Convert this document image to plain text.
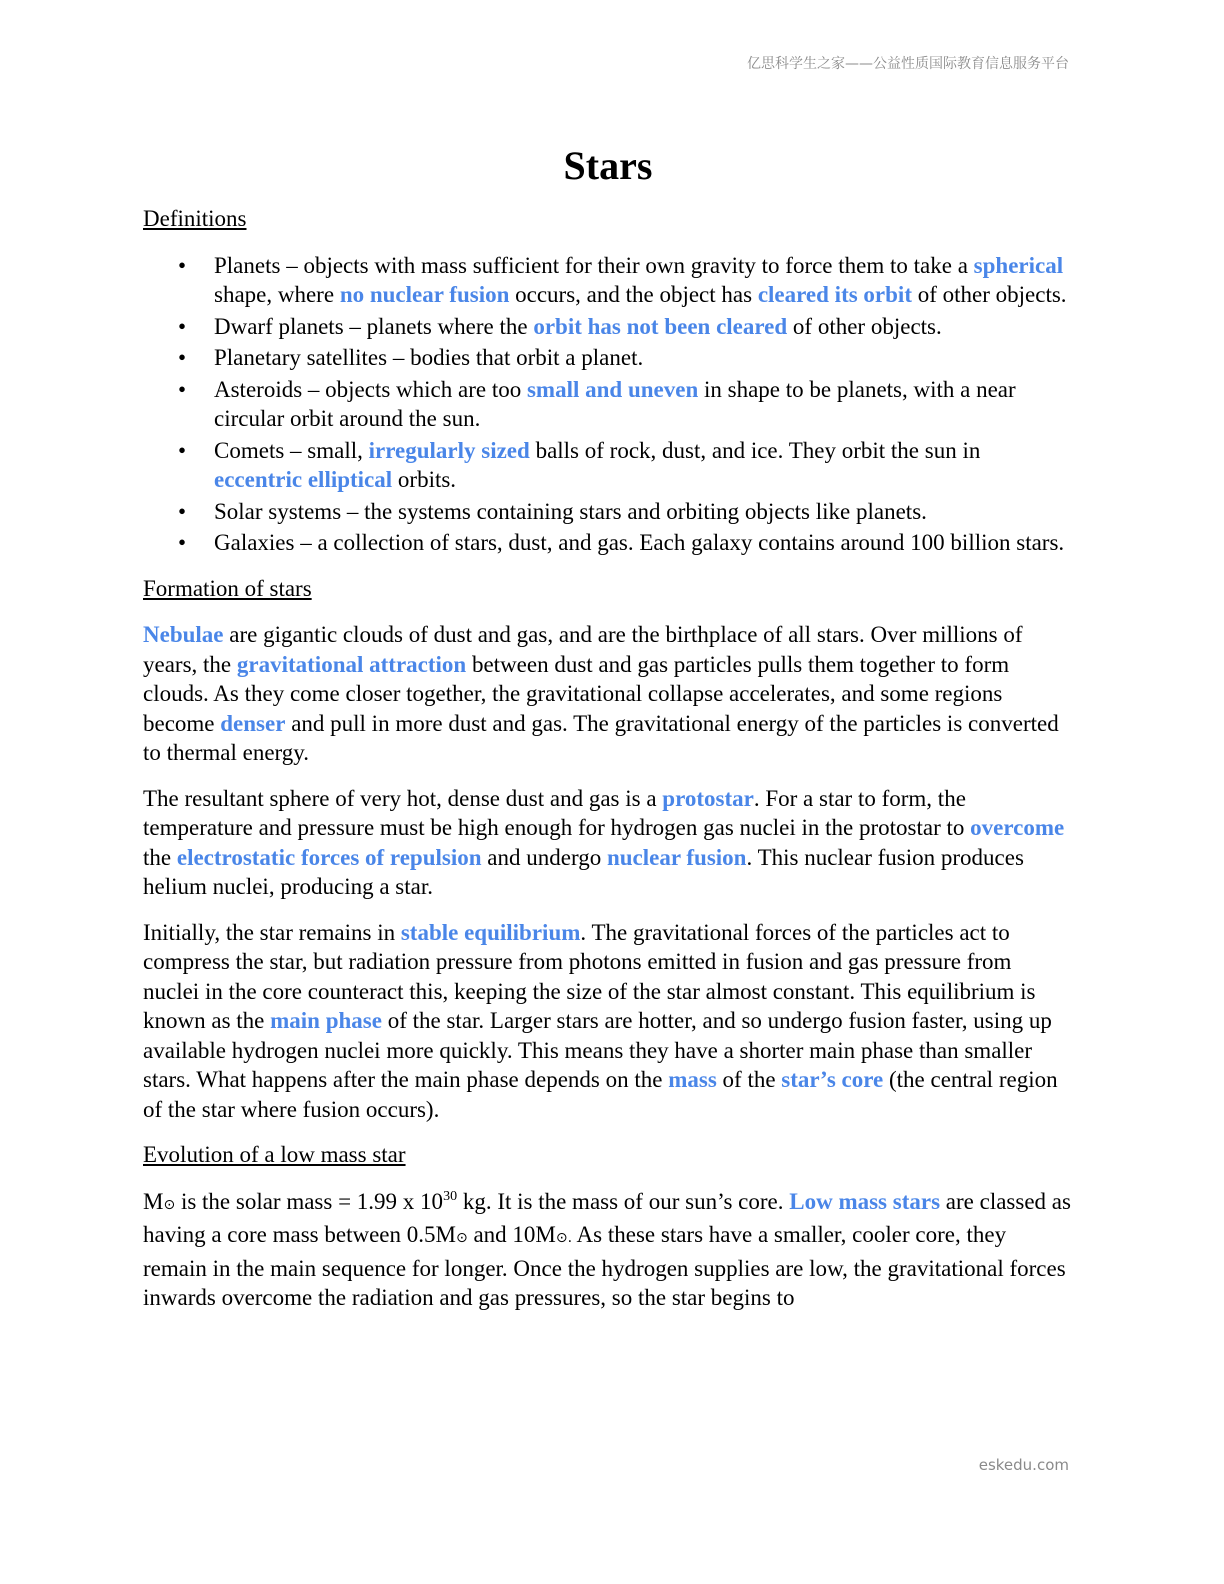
亿思科学生之家——公益性质国际教育信息服务平台
Stars
Definitions
• Planets – objects with mass sufficient for their own gravity to force them to take a spherical shape, where no nuclear fusion occurs, and the object has cleared its orbit of other objects.
• Dwarf planets – planets where the orbit has not been cleared of other objects.
• Planetary satellites – bodies that orbit a planet.
• Asteroids – objects which are too small and uneven in shape to be planets, with a near circular orbit around the sun.
• Comets – small, irregularly sized balls of rock, dust, and ice. They orbit the sun in eccentric elliptical orbits.
• Solar systems – the systems containing stars and orbiting objects like planets.
• Galaxies – a collection of stars, dust, and gas. Each galaxy contains around 100 billion stars.
Formation of stars

Nebulae are gigantic clouds of dust and gas, and are the birthplace of all stars. Over millions of years, the gravitational attraction between dust and gas particles pulls them together to form clouds. As they come closer together, the gravitational collapse accelerates, and some regions become denser and pull in more dust and gas. The gravitational energy of the particles is converted to thermal energy.

The resultant sphere of very hot, dense dust and gas is a protostar. For a star to form, the temperature and pressure must be high enough for hydrogen gas nuclei in the protostar to overcome the electrostatic forces of repulsion and undergo nuclear fusion. This nuclear fusion produces helium nuclei, producing a star.

Initially, the star remains in stable equilibrium. The gravitational forces of the particles act to compress the star, but radiation pressure from photons emitted in fusion and gas pressure from nuclei in the core counteract this, keeping the size of the star almost constant. This equilibrium is known as the main phase of the star. Larger stars are hotter, and so undergo fusion faster, using up available hydrogen nuclei more quickly. This means they have a shorter main phase than smaller stars. What happens after the main phase depends on the mass of the star’s core (the central region of the star where fusion occurs).

Evolution of a low mass star

M⊙ is the solar mass = 1.99 x $10^{30}$ kg. It is the mass of our sun’s core. Low mass stars are classed as having a core mass between 0.5M⊙ and 10M⊙. As these stars have a smaller, cooler core, they remain in the main sequence for longer. Once the hydrogen supplies are low, the gravitational forces inwards overcome the radiation and gas pressures, so the star begins to

eskedu.com
